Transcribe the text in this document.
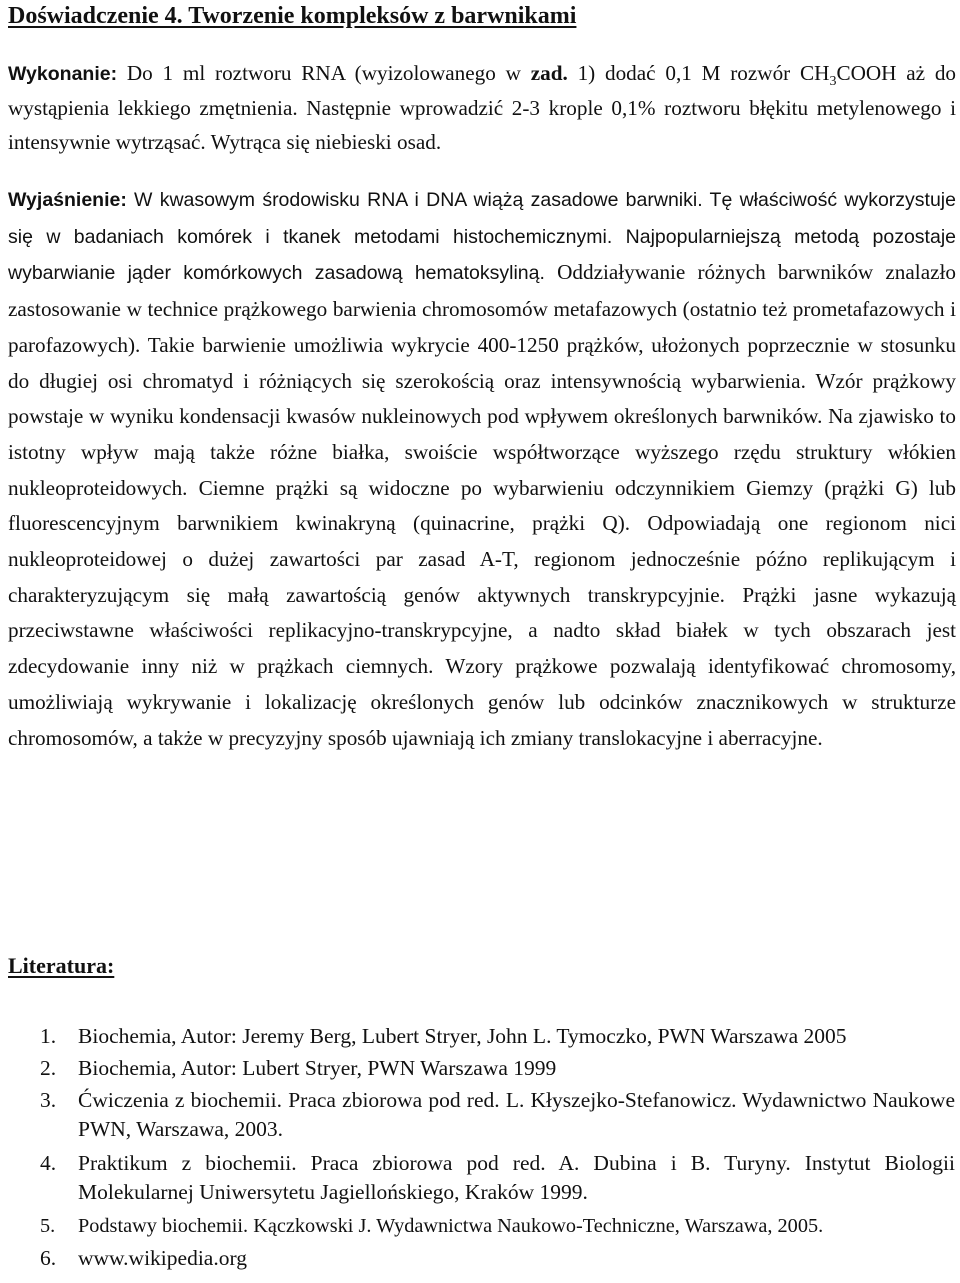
Doświadczenie 4. Tworzenie kompleksów z barwnikami

Wykonanie: Do 1 ml roztworu RNA (wyizolowanego w zad. 1) dodać 0,1 M rozwór $CH_3COOH$ aż do wystąpienia lekkiego zmętnienia. Następnie wprowadzić 2-3 krople 0,1% roztworu błękitu metylenowego i intensywnie wytrząsać. Wytrąca się niebieski osad.

Wyjaśnienie: W kwasowym środowisku RNA i DNA wiążą zasadowe barwniki. Tę właściwość wykorzystuje się w badaniach komórek i tkanek metodami histochemicznymi. Najpopularniejszą metodą pozostaje wybarwianie jąder komórkowych zasadową hematoksyliną. Oddziaływanie różnych barwników znalazło zastosowanie w technice prążkowego barwienia chromosomów metafazowych (ostatnio też prometafazowych i parofazowych). Takie barwienie umożliwia wykrycie 400-1250 prążków, ułożonych poprzecznie w stosunku do długiej osi chromatyd i różniących się szerokością oraz intensywnością wybarwienia. Wzór prążkowy powstaje w wyniku kondensacji kwasów nukleinowych pod wpływem określonych barwników. Na zjawisko to istotny wpływ mają także różne białka, swoiście współtworzące wyższego rzędu struktury włókien nukleoproteidowych. Ciemne prążki są widoczne po wybarwieniu odczynnikiem Giemzy (prążki G) lub fluorescencyjnym barwnikiem kwinakryną (quinacrine, prążki Q). Odpowiadają one regionom nici nukleoproteidowej o dużej zawartości par zasad A-T, regionom jednocześnie późno replikującym i charakteryzującym się małą zawartością genów aktywnych transkrypcyjnie. Prążki jasne wykazują przeciwstawne właściwości replikacyjno-transkrypcyjne, a nadto skład białek w tych obszarach jest zdecydowanie inny niż w prążkach ciemnych. Wzory prążkowe pozwalają identyfikować chromosomy, umożliwiają wykrywanie i lokalizację określonych genów lub odcinków znacznikowych w strukturze chromosomów, a także w precyzyjny sposób ujawniają ich zmiany translokacyjne i aberracyjne.

Literatura:
1. Biochemia, Autor: Jeremy Berg, Lubert Stryer, John L. Tymoczko, PWN Warszawa 2005
2. Biochemia, Autor: Lubert Stryer, PWN Warszawa 1999
3. Ćwiczenia z biochemii. Praca zbiorowa pod red. L. Kłyszejko-Stefanowicz. Wydawnictwo Naukowe PWN, Warszawa, 2003.
4. Praktikum z biochemii. Praca zbiorowa pod red. A. Dubina i B. Turyny. Instytut Biologii Molekularnej Uniwersytetu Jagiellońskiego, Kraków 1999.
5. Podstawy biochemii. Kączkowski J. Wydawnictwa Naukowo-Techniczne, Warszawa, 2005.
6. www.wikipedia.org
